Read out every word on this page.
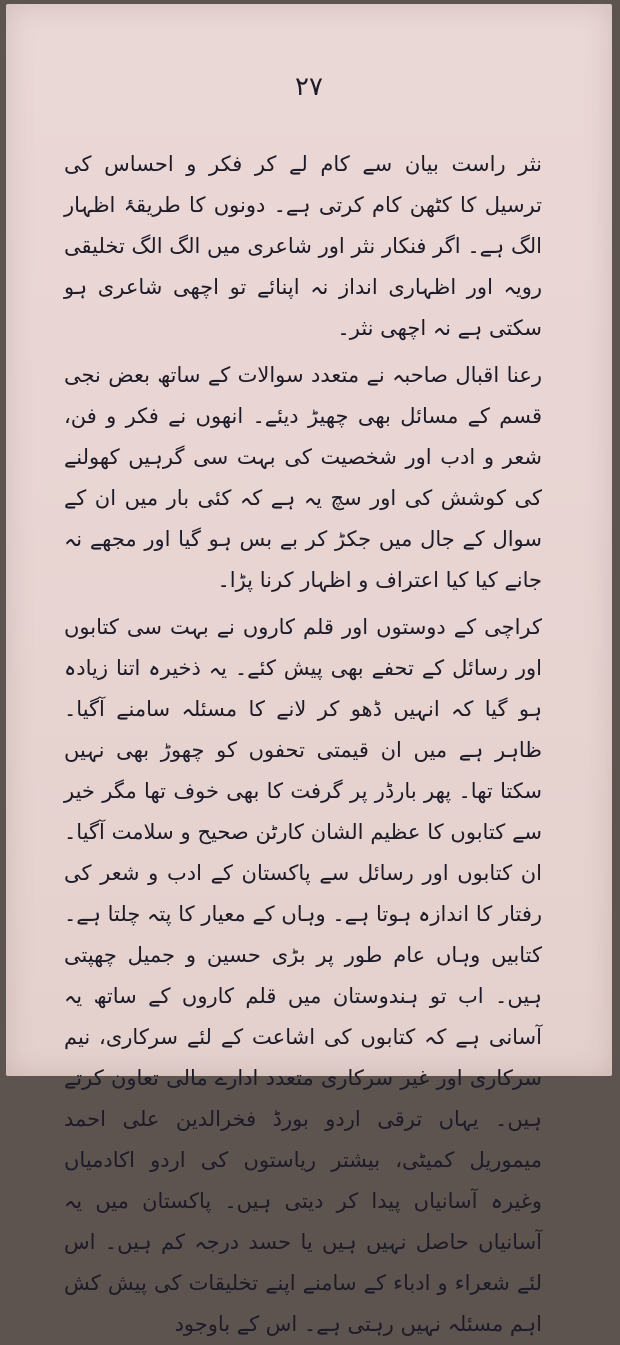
۲۷

نثر راست بیان سے کام لے کر فکر و احساس کی ترسیل کا کٹھن کام کرتی ہے۔ دونوں کا طریقۂ اظہار الگ ہے۔ اگر فنکار نثر اور شاعری میں الگ الگ تخلیقی رویہ اور اظہاری انداز نہ اپنائے تو اچھی شاعری ہو سکتی ہے نہ اچھی نثر۔

رعنا اقبال صاحبہ نے متعدد سوالات کے ساتھ بعض نجی قسم کے مسائل بھی چھیڑ دیئے۔ انھوں نے فکر و فن، شعر و ادب اور شخصیت کی بہت سی گرہیں کھولنے کی کوشش کی اور سچ یہ ہے کہ کئی بار میں ان کے سوال کے جال میں جکڑ کر بے بس ہو گیا اور مجھے نہ جانے کیا کیا اعتراف و اظہار کرنا پڑا۔

کراچی کے دوستوں اور قلم کاروں نے بہت سی کتابوں اور رسائل کے تحفے بھی پیش کئے۔ یہ ذخیرہ اتنا زیادہ ہو گیا کہ انہیں ڈھو کر لانے کا مسئلہ سامنے آگیا۔ ظاہر ہے میں ان قیمتی تحفوں کو چھوڑ بھی نہیں سکتا تھا۔ پھر بارڈر پر گرفت کا بھی خوف تھا مگر خیر سے کتابوں کا عظیم الشان کارٹن صحیح و سلامت آگیا۔ ان کتابوں اور رسائل سے پاکستان کے ادب و شعر کی رفتار کا اندازہ ہوتا ہے۔ وہاں کے معیار کا پتہ چلتا ہے۔ کتابیں وہاں عام طور پر بڑی حسین و جمیل چھپتی ہیں۔ اب تو ہندوستان میں قلم کاروں کے ساتھ یہ آسانی ہے کہ کتابوں کی اشاعت کے لئے سرکاری، نیم سرکاری اور غیر سرکاری متعدد ادارے مالی تعاون کرتے ہیں۔ یہاں ترقی اردو بورڈ فخرالدین علی احمد میموریل کمیٹی، بیشتر ریاستوں کی اردو اکادمیاں وغیرہ آسانیاں پیدا کر دیتی ہیں۔ پاکستان میں یہ آسانیاں حاصل نہیں ہیں یا حسد درجہ کم ہیں۔ اس لئے شعراء و ادباء کے سامنے اپنے تخلیقات کی پیش کش اہم مسئلہ نہیں رہتی ہے۔ اس کے باوجود
